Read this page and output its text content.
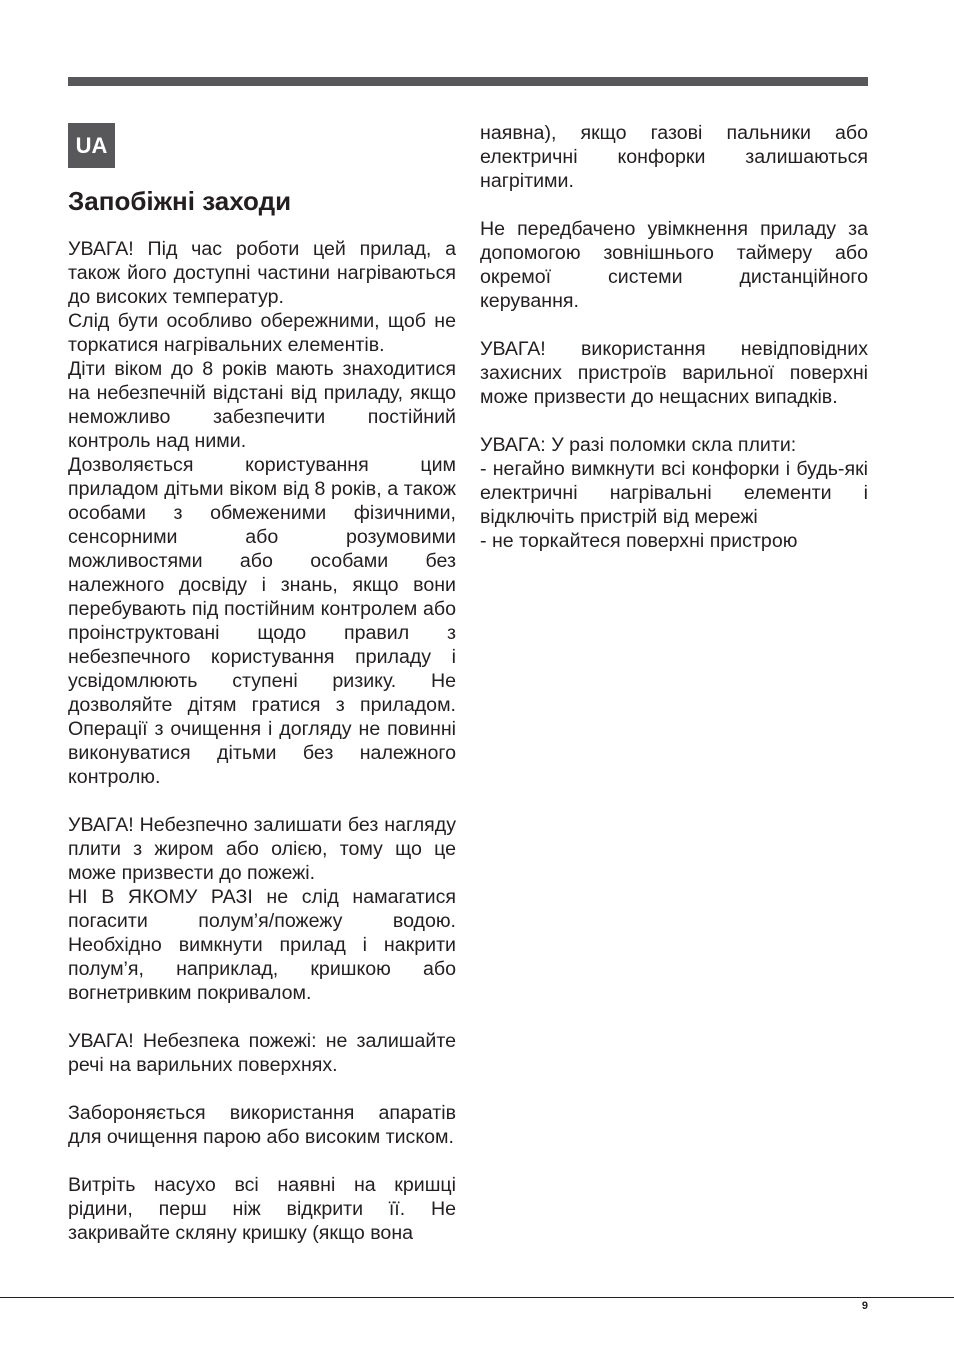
UA
Запобіжні заходи

УВАГА! Під час роботи цей прилад, а також його доступні частини нагріваються до високих температур.

Слід бути особливо обережними, щоб не торкатися нагрівальних елементів.

Діти віком до 8 років мають знаходитися на небезпечній відстані від приладу, якщо неможливо забезпечити постійний контроль над ними.

Дозволяється користування цим приладом дітьми віком від 8 років, а також особами з обмеженими фізичними, сенсорними або розумовими можливостями або особами без належного досвіду і знань, якщо вони перебувають під постійним контролем або проінструктовані щодо правил з небезпечного користування приладу і усвідомлюють ступені ризику. Не дозволяйте дітям гратися з приладом. Операції з очищення і догляду не повинні виконуватися дітьми без належного контролю.

УВАГА! Небезпечно залишати без нагляду плити з жиром або олією, тому що це може призвести до пожежі.

НІ В ЯКОМУ РАЗІ не слід намагатися погасити полум’я/пожежу водою. Необхідно вимкнути прилад і накрити полум’я, наприклад, кришкою або вогнетривким покривалом.

УВАГА! Небезпека пожежі: не залишайте речі на варильних поверхнях.

Забороняється використання апаратів для очищення парою або високим тиском.

Витріть насухо всі наявні на кришці рідини, перш ніж відкрити її. Не закривайте скляну кришку (якщо вона

наявна), якщо газові пальники або електричні конфорки залишаються нагрітими.

Не передбачено увімкнення приладу за допомогою зовнішнього таймеру або окремої системи дистанційного керування.

УВАГА! використання невідповідних захисних пристроїв варильної поверхні може призвести до нещасних випадків.

УВАГА: У разі поломки скла плити:

- негайно вимкнути всі конфорки і будь-які електричні нагрівальні елементи і відключіть пристрій від мережі

- не торкайтеся поверхні пристрою

9
